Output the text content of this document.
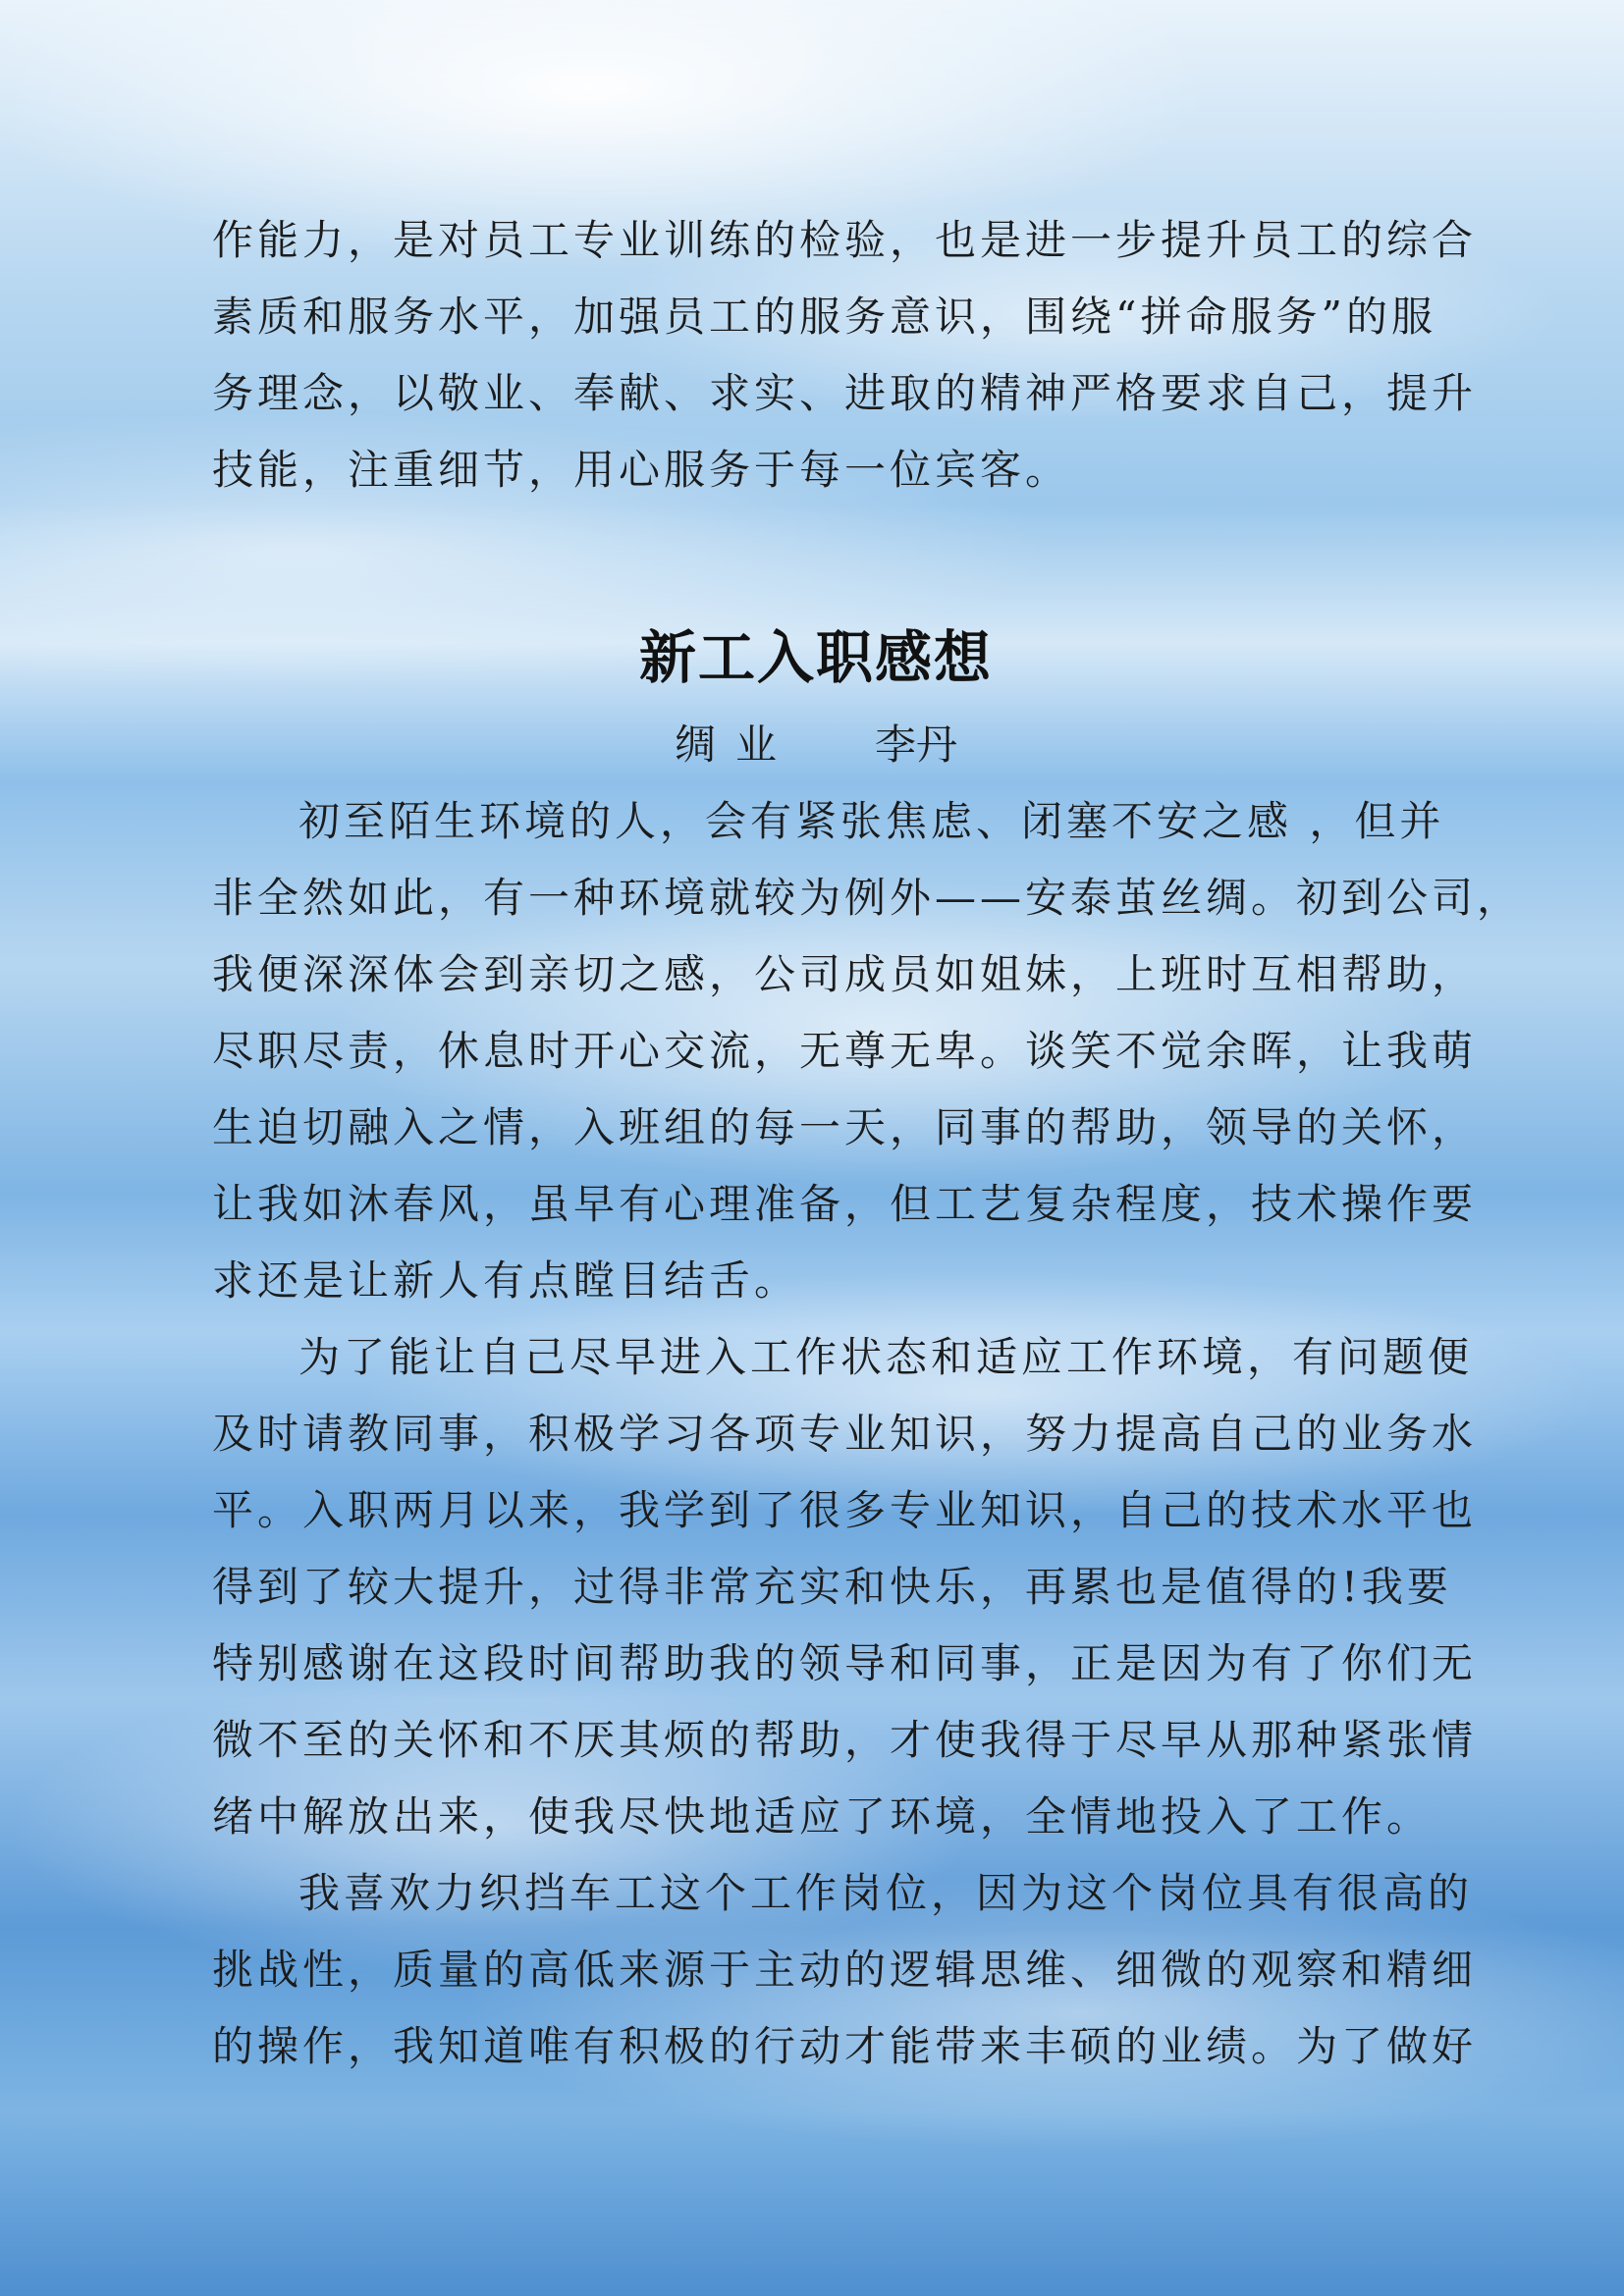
作能力，是对员工专业训练的检验，也是进一步提升员工的综合
素质和服务水平，加强员工的服务意识，围绕“拼命服务”的服
务理念，以敬业、奉献、求实、进取的精神严格要求自己，提升
技能，注重细节，用心服务于每一位宾客。
新工入职感想
绸业 李丹
初至陌生环境的人，会有紧张焦虑、闭塞不安之感 ，但并
非全然如此，有一种环境就较为例外——安泰茧丝绸。初到公司，
我便深深体会到亲切之感，公司成员如姐妹，上班时互相帮助，
尽职尽责，休息时开心交流，无尊无卑。谈笑不觉余晖，让我萌
生迫切融入之情，入班组的每一天，同事的帮助，领导的关怀，
让我如沐春风，虽早有心理准备，但工艺复杂程度，技术操作要
求还是让新人有点瞠目结舌。
为了能让自己尽早进入工作状态和适应工作环境，有问题便
及时请教同事，积极学习各项专业知识，努力提高自己的业务水
平。入职两月以来，我学到了很多专业知识，自己的技术水平也
得到了较大提升，过得非常充实和快乐，再累也是值得的!我要
特别感谢在这段时间帮助我的领导和同事，正是因为有了你们无
微不至的关怀和不厌其烦的帮助，才使我得于尽早从那种紧张情
绪中解放出来，使我尽快地适应了环境，全情地投入了工作。
我喜欢力织挡车工这个工作岗位，因为这个岗位具有很高的
挑战性，质量的高低来源于主动的逻辑思维、细微的观察和精细
的操作，我知道唯有积极的行动才能带来丰硕的业绩。为了做好
